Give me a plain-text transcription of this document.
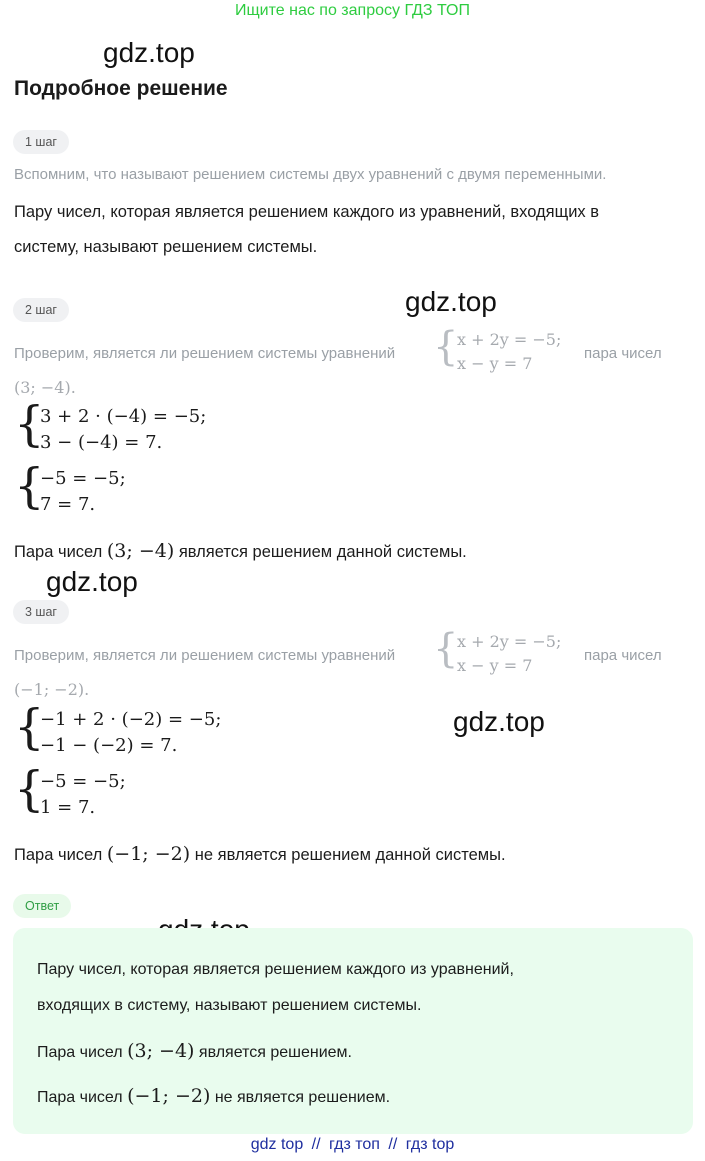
Ищите нас по запросу ГДЗ ТОП
gdz.top
gdz.top
gdz.top
gdz.top
Подробное решение
1 шаг
Вспомним, что называют решением системы двух уравнений с двумя переменными.
Пару чисел, которая является решением каждого из уравнений, входящих в
систему, называют решением системы.
2 шаг
Проверим, является ли решением системы уравнений {
x + 2y = −5;
x − y = 7
пара чисел
(3; −4).
{
3 + 2 · (−4) = −5;
3 − (−4) = 7.
{
−5 = −5;
7 = 7.
Пара чисел (3; −4) является решением данной системы.
3 шаг
Проверим, является ли решением системы уравнений {
x + 2y = −5;
x − y = 7
пара чисел
(−1; −2).
{
−1 + 2 · (−2) = −5;
−1 − (−2) = 7.
{
−5 = −5;
1 = 7.
Пара чисел (−1; −2) не является решением данной системы.
Ответ
Пару чисел, которая является решением каждого из уравнений,
входящих в систему, называют решением системы.
Пара чисел (3; −4) является решением.
Пара чисел (−1; −2) не является решением.
gdz top // гдз топ // гдз top
